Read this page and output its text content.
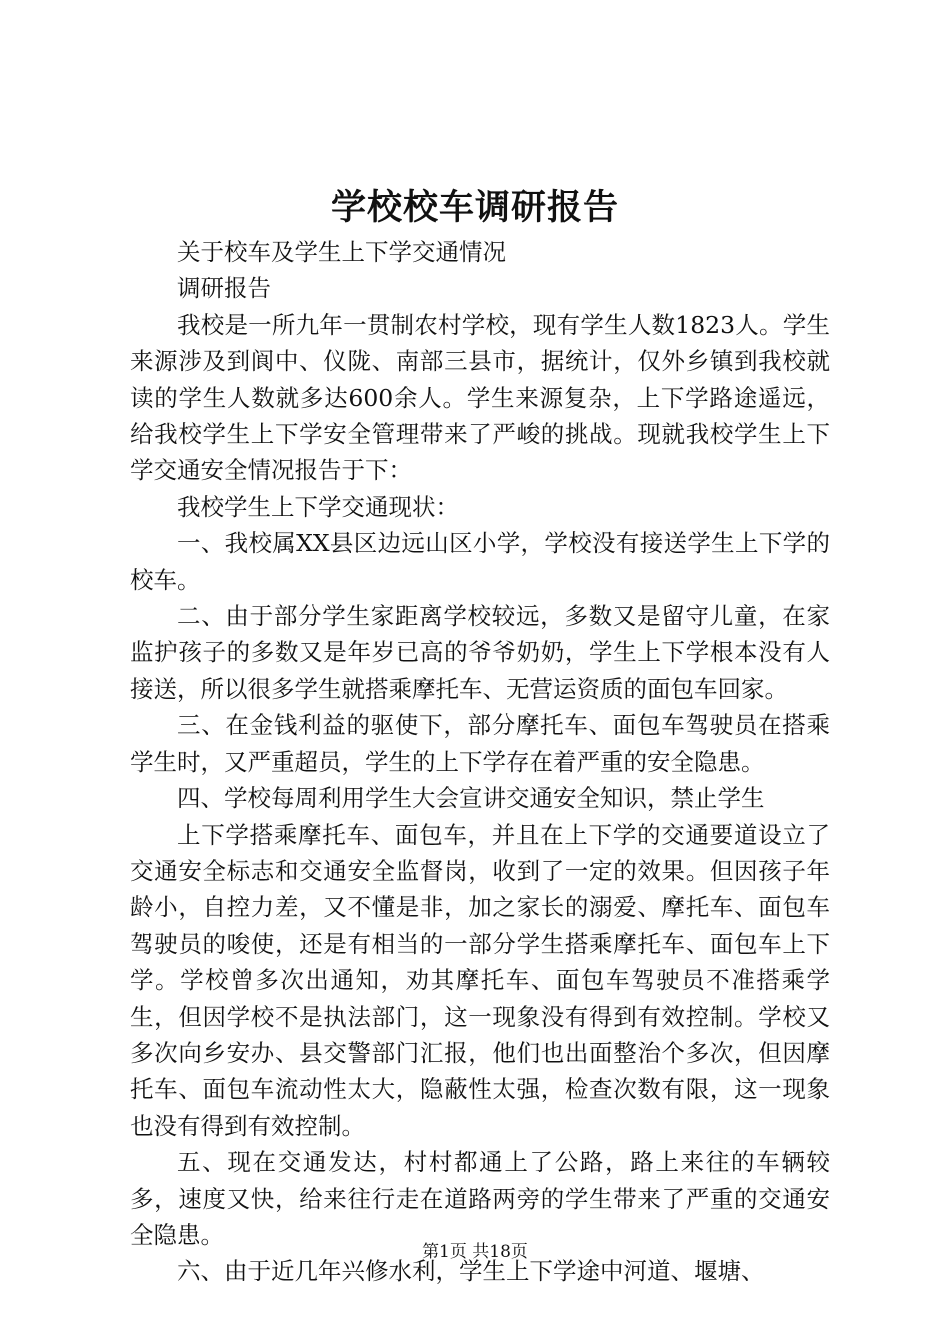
学校校车调研报告

关于校车及学生上下学交通情况

调研报告

我校是一所九年一贯制农村学校，现有学生人数1823人。学生来源涉及到阆中、仪陇、南部三县市，据统计，仅外乡镇到我校就读的学生人数就多达600余人。学生来源复杂，上下学路途遥远，给我校学生上下学安全管理带来了严峻的挑战。现就我校学生上下学交通安全情况报告于下：

我校学生上下学交通现状：

一、我校属XX县区边远山区小学，学校没有接送学生上下学的校车。

二、由于部分学生家距离学校较远，多数又是留守儿童，在家监护孩子的多数又是年岁已高的爷爷奶奶，学生上下学根本没有人接送，所以很多学生就搭乘摩托车、无营运资质的面包车回家。

三、在金钱利益的驱使下，部分摩托车、面包车驾驶员在搭乘学生时，又严重超员，学生的上下学存在着严重的安全隐患。

四、学校每周利用学生大会宣讲交通安全知识，禁止学生

上下学搭乘摩托车、面包车，并且在上下学的交通要道设立了交通安全标志和交通安全监督岗，收到了一定的效果。但因孩子年龄小，自控力差，又不懂是非，加之家长的溺爱、摩托车、面包车驾驶员的唆使，还是有相当的一部分学生搭乘摩托车、面包车上下学。学校曾多次出通知，劝其摩托车、面包车驾驶员不准搭乘学生，但因学校不是执法部门，这一现象没有得到有效控制。学校又多次向乡安办、县交警部门汇报，他们也出面整治个多次，但因摩托车、面包车流动性太大，隐蔽性太强，检查次数有限，这一现象也没有得到有效控制。

五、现在交通发达，村村都通上了公路，路上来往的车辆较多，速度又快，给来往行走在道路两旁的学生带来了严重的交通安全隐患。

六、由于近几年兴修水利，学生上下学途中河道、堰塘、

第1页 共18页
